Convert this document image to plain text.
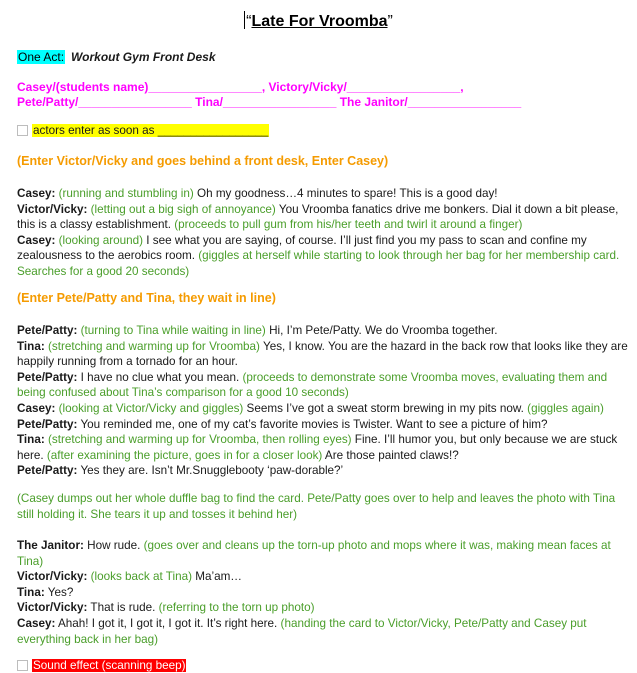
“Late For Vroomba”
One Act: Workout Gym Front Desk
Casey/(students name)_________________, Victory/Vicky/_________________,
Pete/Patty/_________________ Tina/_________________ The Janitor/_________________
actors enter as soon as _________________
(Enter Victor/Vicky and goes behind a front desk, Enter Casey)
Casey: (running and stumbling in) Oh my goodness…4 minutes to spare! This is a good day!
Victor/Vicky: (letting out a big sigh of annoyance) You Vroomba fanatics drive me bonkers. Dial it down a bit please, this is a classy establishment. (proceeds to pull gum from his/her teeth and twirl it around a finger)
Casey: (looking around) I see what you are saying, of course. I’ll just find you my pass to scan and confine my zealousness to the aerobics room. (giggles at herself while starting to look through her bag for her membership card. Searches for a good 20 seconds)
(Enter Pete/Patty and Tina, they wait in line)
Pete/Patty: (turning to Tina while waiting in line) Hi, I’m Pete/Patty. We do Vroomba together.
Tina: (stretching and warming up for Vroomba) Yes, I know. You are the hazard in the back row that looks like they are happily running from a tornado for an hour.
Pete/Patty: I have no clue what you mean. (proceeds to demonstrate some Vroomba moves, evaluating them and being confused about Tina’s comparison for a good 10 seconds)
Casey: (looking at Victor/Vicky and giggles) Seems I’ve got a sweat storm brewing in my pits now. (giggles again)
Pete/Patty: You reminded me, one of my cat’s favorite movies is Twister. Want to see a picture of him?
Tina: (stretching and warming up for Vroomba, then rolling eyes) Fine. I’ll humor you, but only because we are stuck here. (after examining the picture, goes in for a closer look) Are those painted claws!?
Pete/Patty: Yes they are. Isn’t Mr.Snugglebooty ‘paw-dorable?’
(Casey dumps out her whole duffle bag to find the card. Pete/Patty goes over to help and leaves the photo with Tina still holding it. She tears it up and tosses it behind her)
The Janitor: How rude. (goes over and cleans up the torn-up photo and mops where it was, making mean faces at Tina)
Victor/Vicky: (looks back at Tina) Ma’am…
Tina: Yes?
Victor/Vicky: That is rude. (referring to the torn up photo)
Casey: Ahah! I got it, I got it, I got it. It’s right here. (handing the card to Victor/Vicky, Pete/Patty and Casey put everything back in her bag)
Sound effect (scanning beep)
